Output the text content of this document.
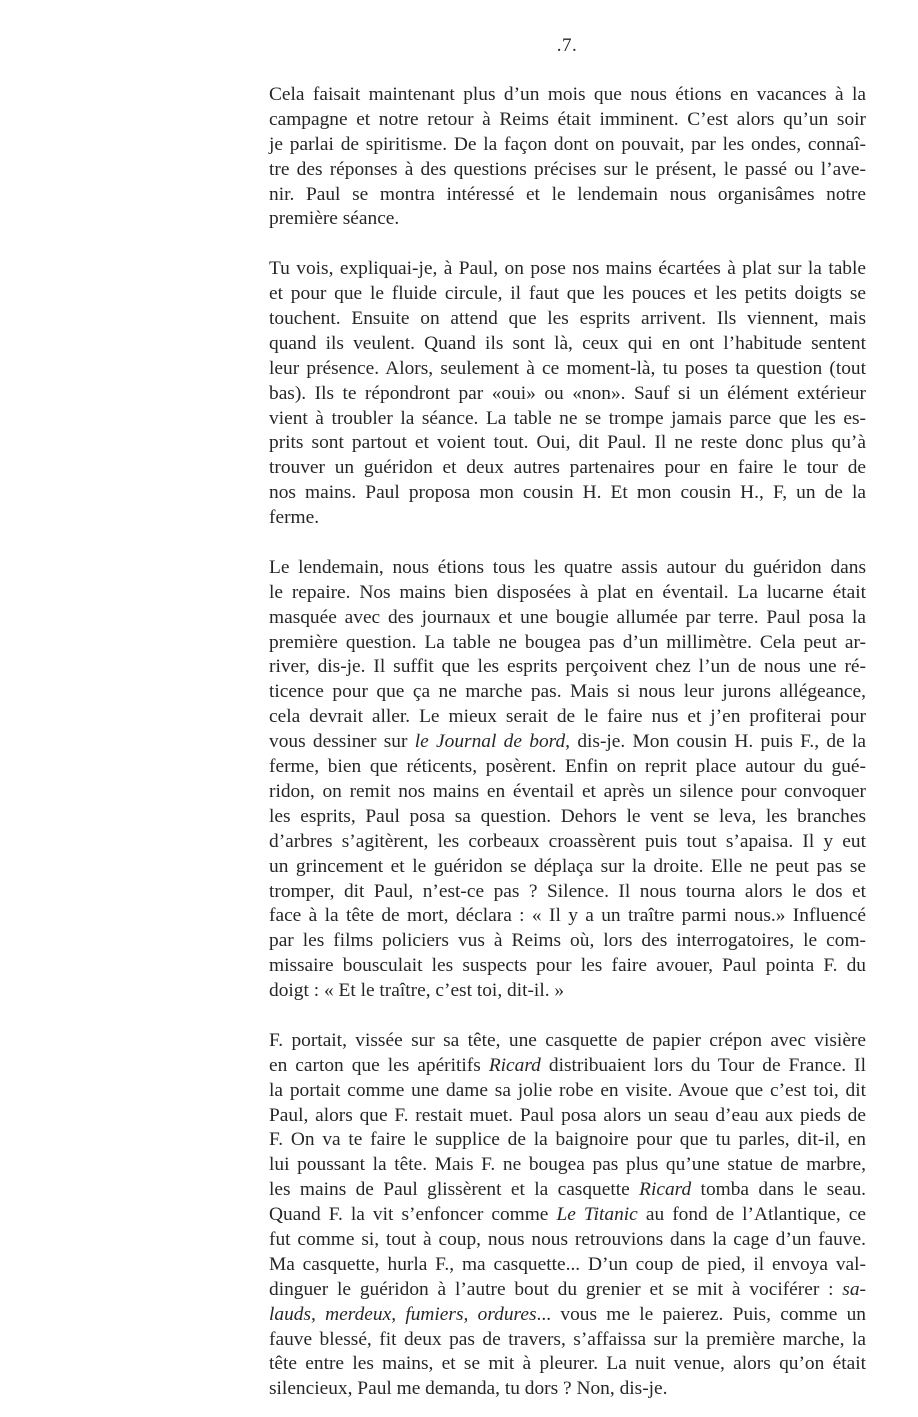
.7.
Cela faisait maintenant plus d’un mois que nous étions en vacances à la
campagne et notre retour à Reims était imminent. C’est alors qu’un soir
je parlai de spiritisme. De la façon dont on pouvait, par les ondes, connaî-
tre des réponses à des questions précises sur le présent, le passé ou l’ave-
nir. Paul se montra intéressé et le lendemain nous organisâmes notre
première séance.
Tu vois, expliquai-je, à Paul, on pose nos mains écartées à plat sur la table
et pour que le fluide circule, il faut que les pouces et les petits doigts se
touchent. Ensuite on attend que les esprits arrivent. Ils viennent, mais
quand ils veulent. Quand ils sont là, ceux qui en ont l’habitude sentent
leur présence. Alors, seulement à ce moment-là, tu poses ta question (tout
bas). Ils te répondront par «oui» ou «non». Sauf si un élément extérieur
vient à troubler la séance. La table ne se trompe jamais parce que les es-
prits sont partout et voient tout. Oui, dit Paul. Il ne reste donc plus qu’à
trouver un guéridon et deux autres partenaires pour en faire le tour de
nos mains. Paul proposa mon cousin H. Et mon cousin H., F, un de la
ferme.
Le lendemain, nous étions tous les quatre assis autour du guéridon dans
le repaire. Nos mains bien disposées à plat en éventail. La lucarne était
masquée avec des journaux et une bougie allumée par terre. Paul posa la
première question. La table ne bougea pas d’un millimètre. Cela peut ar-
river, dis-je. Il suffit que les esprits perçoivent chez l’un de nous une ré-
ticence pour que ça ne marche pas. Mais si nous leur jurons allégeance,
cela devrait aller. Le mieux serait de le faire nus et j’en profiterai pour
vous dessiner sur le Journal de bord, dis-je. Mon cousin H. puis F., de la
ferme, bien que réticents, posèrent. Enfin on reprit place autour du gué-
ridon, on remit nos mains en éventail et après un silence pour convoquer
les esprits, Paul posa sa question. Dehors le vent se leva, les branches
d’arbres s’agitèrent, les corbeaux croassèrent puis tout s’apaisa. Il y eut
un grincement et le guéridon se déplaça sur la droite. Elle ne peut pas se
tromper, dit Paul, n’est-ce pas ? Silence. Il nous tourna alors le dos et
face à la tête de mort, déclara : « Il y a un traître parmi nous.» Influencé
par les films policiers vus à Reims où, lors des interrogatoires, le com-
missaire bousculait les suspects pour les faire avouer, Paul pointa F. du
doigt : « Et le traître, c’est toi, dit-il. »
F. portait, vissée sur sa tête, une casquette de papier crépon avec visière
en carton que les apéritifs Ricard distribuaient lors du Tour de France. Il
la portait comme une dame sa jolie robe en visite. Avoue que c’est toi, dit
Paul, alors que F. restait muet. Paul posa alors un seau d’eau aux pieds de
F. On va te faire le supplice de la baignoire pour que tu parles, dit-il, en
lui poussant la tête. Mais F. ne bougea pas plus qu’une statue de marbre,
les mains de Paul glissèrent et la casquette Ricard tomba dans le seau.
Quand F. la vit s’enfoncer comme Le Titanic au fond de l’Atlantique, ce
fut comme si, tout à coup, nous nous retrouvions dans la cage d’un fauve.
Ma casquette, hurla F., ma casquette... D’un coup de pied, il envoya val-
dinguer le guéridon à l’autre bout du grenier et se mit à vociférer : sa-
lauds, merdeux, fumiers, ordures... vous me le paierez. Puis, comme un
fauve blessé, fit deux pas de travers, s’affaissa sur la première marche, la
tête entre les mains, et se mit à pleurer. La nuit venue, alors qu’on était
silencieux, Paul me demanda, tu dors ? Non, dis-je.
